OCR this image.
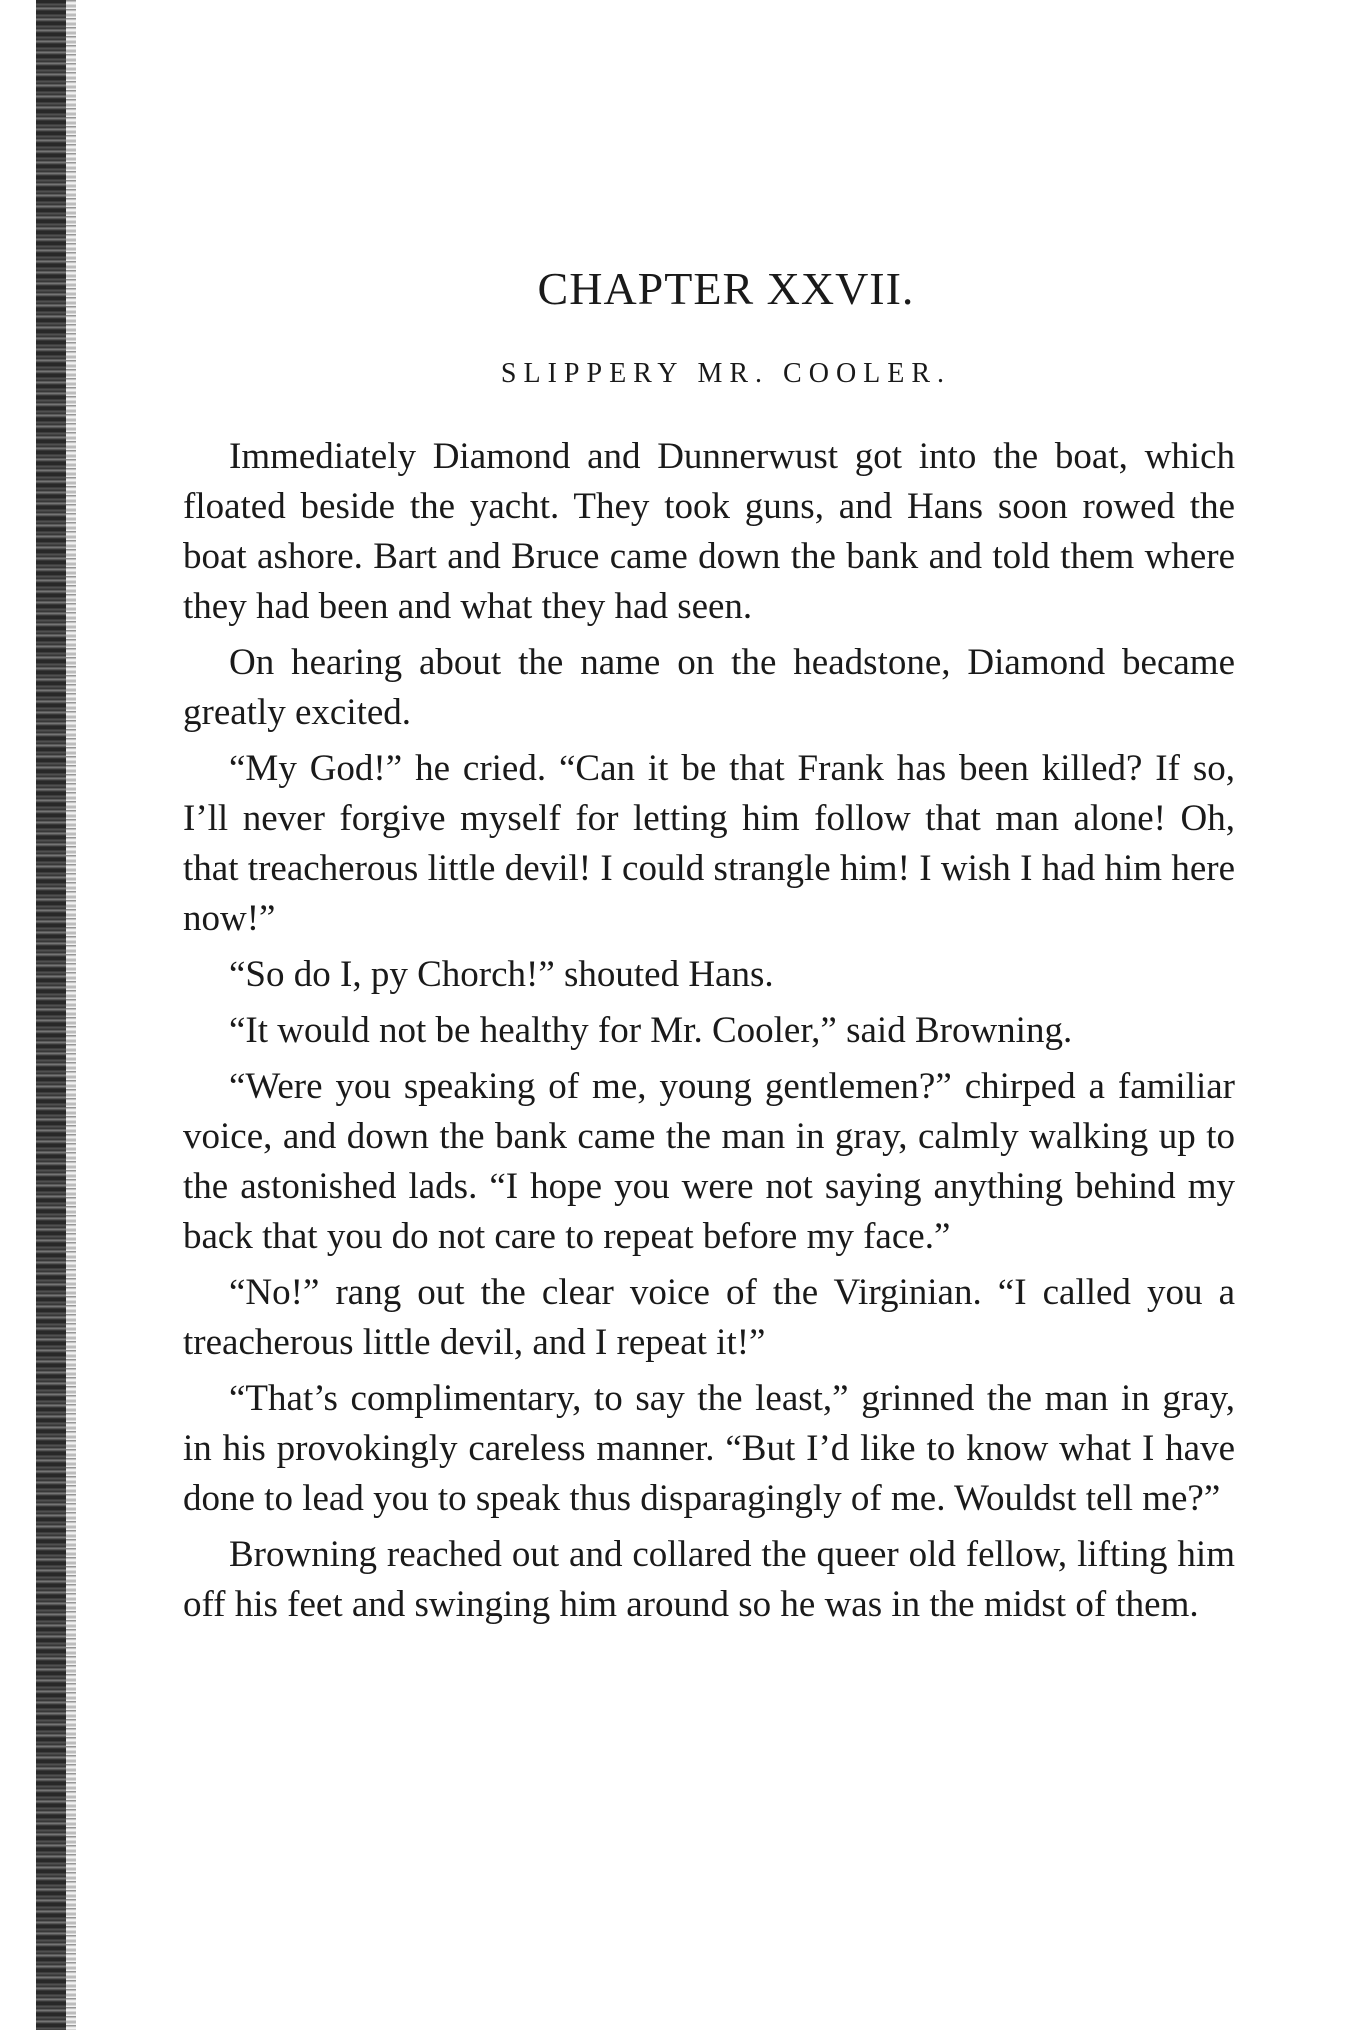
CHAPTER XXVII.
SLIPPERY MR. COOLER.

Immediately Diamond and Dunnerwust got into the boat, which floated beside the yacht. They took guns, and Hans soon rowed the boat ashore. Bart and Bruce came down the bank and told them where they had been and what they had seen.

On hearing about the name on the headstone, Diamond became greatly excited.

“My God!” he cried. “Can it be that Frank has been killed? If so, I’ll never forgive myself for letting him follow that man alone! Oh, that treacherous little devil! I could strangle him! I wish I had him here now!”

“So do I, py Chorch!” shouted Hans.

“It would not be healthy for Mr. Cooler,” said Browning.

“Were you speaking of me, young gentlemen?” chirped a familiar voice, and down the bank came the man in gray, calmly walking up to the astonished lads. “I hope you were not saying anything behind my back that you do not care to repeat before my face.”

“No!” rang out the clear voice of the Virginian. “I called you a treacherous little devil, and I repeat it!”

“That’s complimentary, to say the least,” grinned the man in gray, in his provokingly careless manner. “But I’d like to know what I have done to lead you to speak thus disparagingly of me. Wouldst tell me?”

Browning reached out and collared the queer old fellow, lifting him off his feet and swinging him around so he was in the midst of them.
